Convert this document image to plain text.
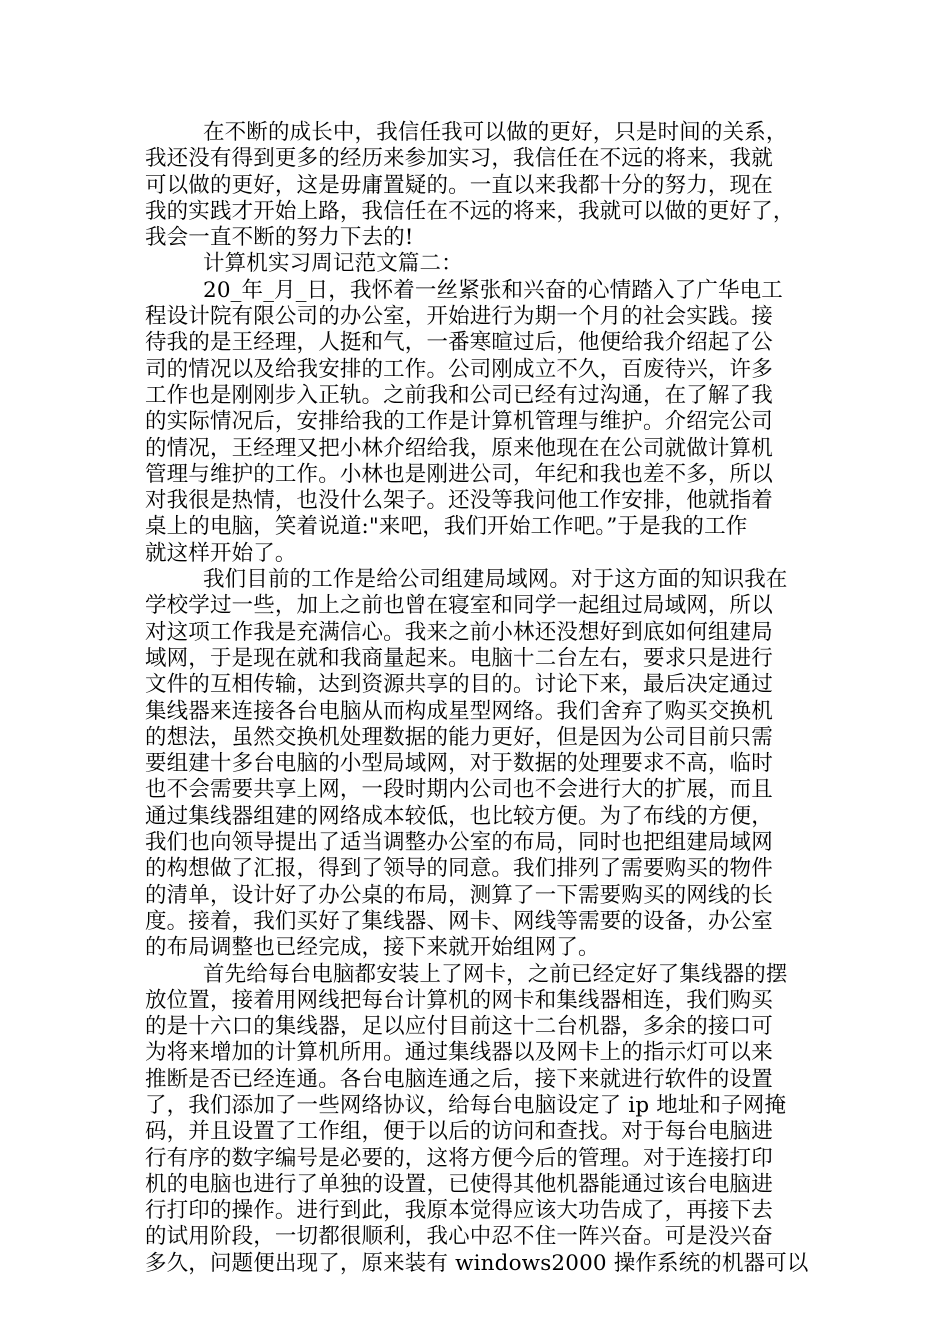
在不断的成长中，我信任我可以做的更好，只是时间的关系，
我还没有得到更多的经历来参加实习，我信任在不远的将来，我就
可以做的更好，这是毋庸置疑的。一直以来我都十分的努力，现在
我的实践才开始上路，我信任在不远的将来，我就可以做的更好了，
我会一直不断的努力下去的!
计算机实习周记范文篇二：
20_年_月_日，我怀着一丝紧张和兴奋的心情踏入了广华电工
程设计院有限公司的办公室，开始进行为期一个月的社会实践。接
待我的是王经理，人挺和气，一番寒暄过后，他便给我介绍起了公
司的情况以及给我安排的工作。公司刚成立不久，百废待兴，许多
工作也是刚刚步入正轨。之前我和公司已经有过沟通，在了解了我
的实际情况后，安排给我的工作是计算机管理与维护。介绍完公司
的情况，王经理又把小林介绍给我，原来他现在在公司就做计算机
管理与维护的工作。小林也是刚进公司，年纪和我也差不多，所以
对我很是热情，也没什么架子。还没等我问他工作安排，他就指着
桌上的电脑，笑着说道:"来吧，我们开始工作吧。”于是我的工作
就这样开始了。
我们目前的工作是给公司组建局域网。对于这方面的知识我在
学校学过一些，加上之前也曾在寝室和同学一起组过局域网，所以
对这项工作我是充满信心。我来之前小林还没想好到底如何组建局
域网，于是现在就和我商量起来。电脑十二台左右，要求只是进行
文件的互相传输，达到资源共享的目的。讨论下来，最后决定通过
集线器来连接各台电脑从而构成星型网络。我们舍弃了购买交换机
的想法，虽然交换机处理数据的能力更好，但是因为公司目前只需
要组建十多台电脑的小型局域网，对于数据的处理要求不高，临时
也不会需要共享上网，一段时期内公司也不会进行大的扩展，而且
通过集线器组建的网络成本较低，也比较方便。为了布线的方便，
我们也向领导提出了适当调整办公室的布局，同时也把组建局域网
的构想做了汇报，得到了领导的同意。我们排列了需要购买的物件
的清单，设计好了办公桌的布局，测算了一下需要购买的网线的长
度。接着，我们买好了集线器、网卡、网线等需要的设备，办公室
的布局调整也已经完成，接下来就开始组网了。
首先给每台电脑都安装上了网卡，之前已经定好了集线器的摆
放位置，接着用网线把每台计算机的网卡和集线器相连，我们购买
的是十六口的集线器，足以应付目前这十二台机器，多余的接口可
为将来增加的计算机所用。通过集线器以及网卡上的指示灯可以来
推断是否已经连通。各台电脑连通之后，接下来就进行软件的设置
了，我们添加了一些网络协议，给每台电脑设定了 ip 地址和子网掩
码，并且设置了工作组，便于以后的访问和查找。对于每台电脑进
行有序的数字编号是必要的，这将方便今后的管理。对于连接打印
机的电脑也进行了单独的设置，已使得其他机器能通过该台电脑进
行打印的操作。进行到此，我原本觉得应该大功告成了，再接下去
的试用阶段，一切都很顺利，我心中忍不住一阵兴奋。可是没兴奋
多久，问题便出现了，原来装有 windows2000 操作系统的机器可以
